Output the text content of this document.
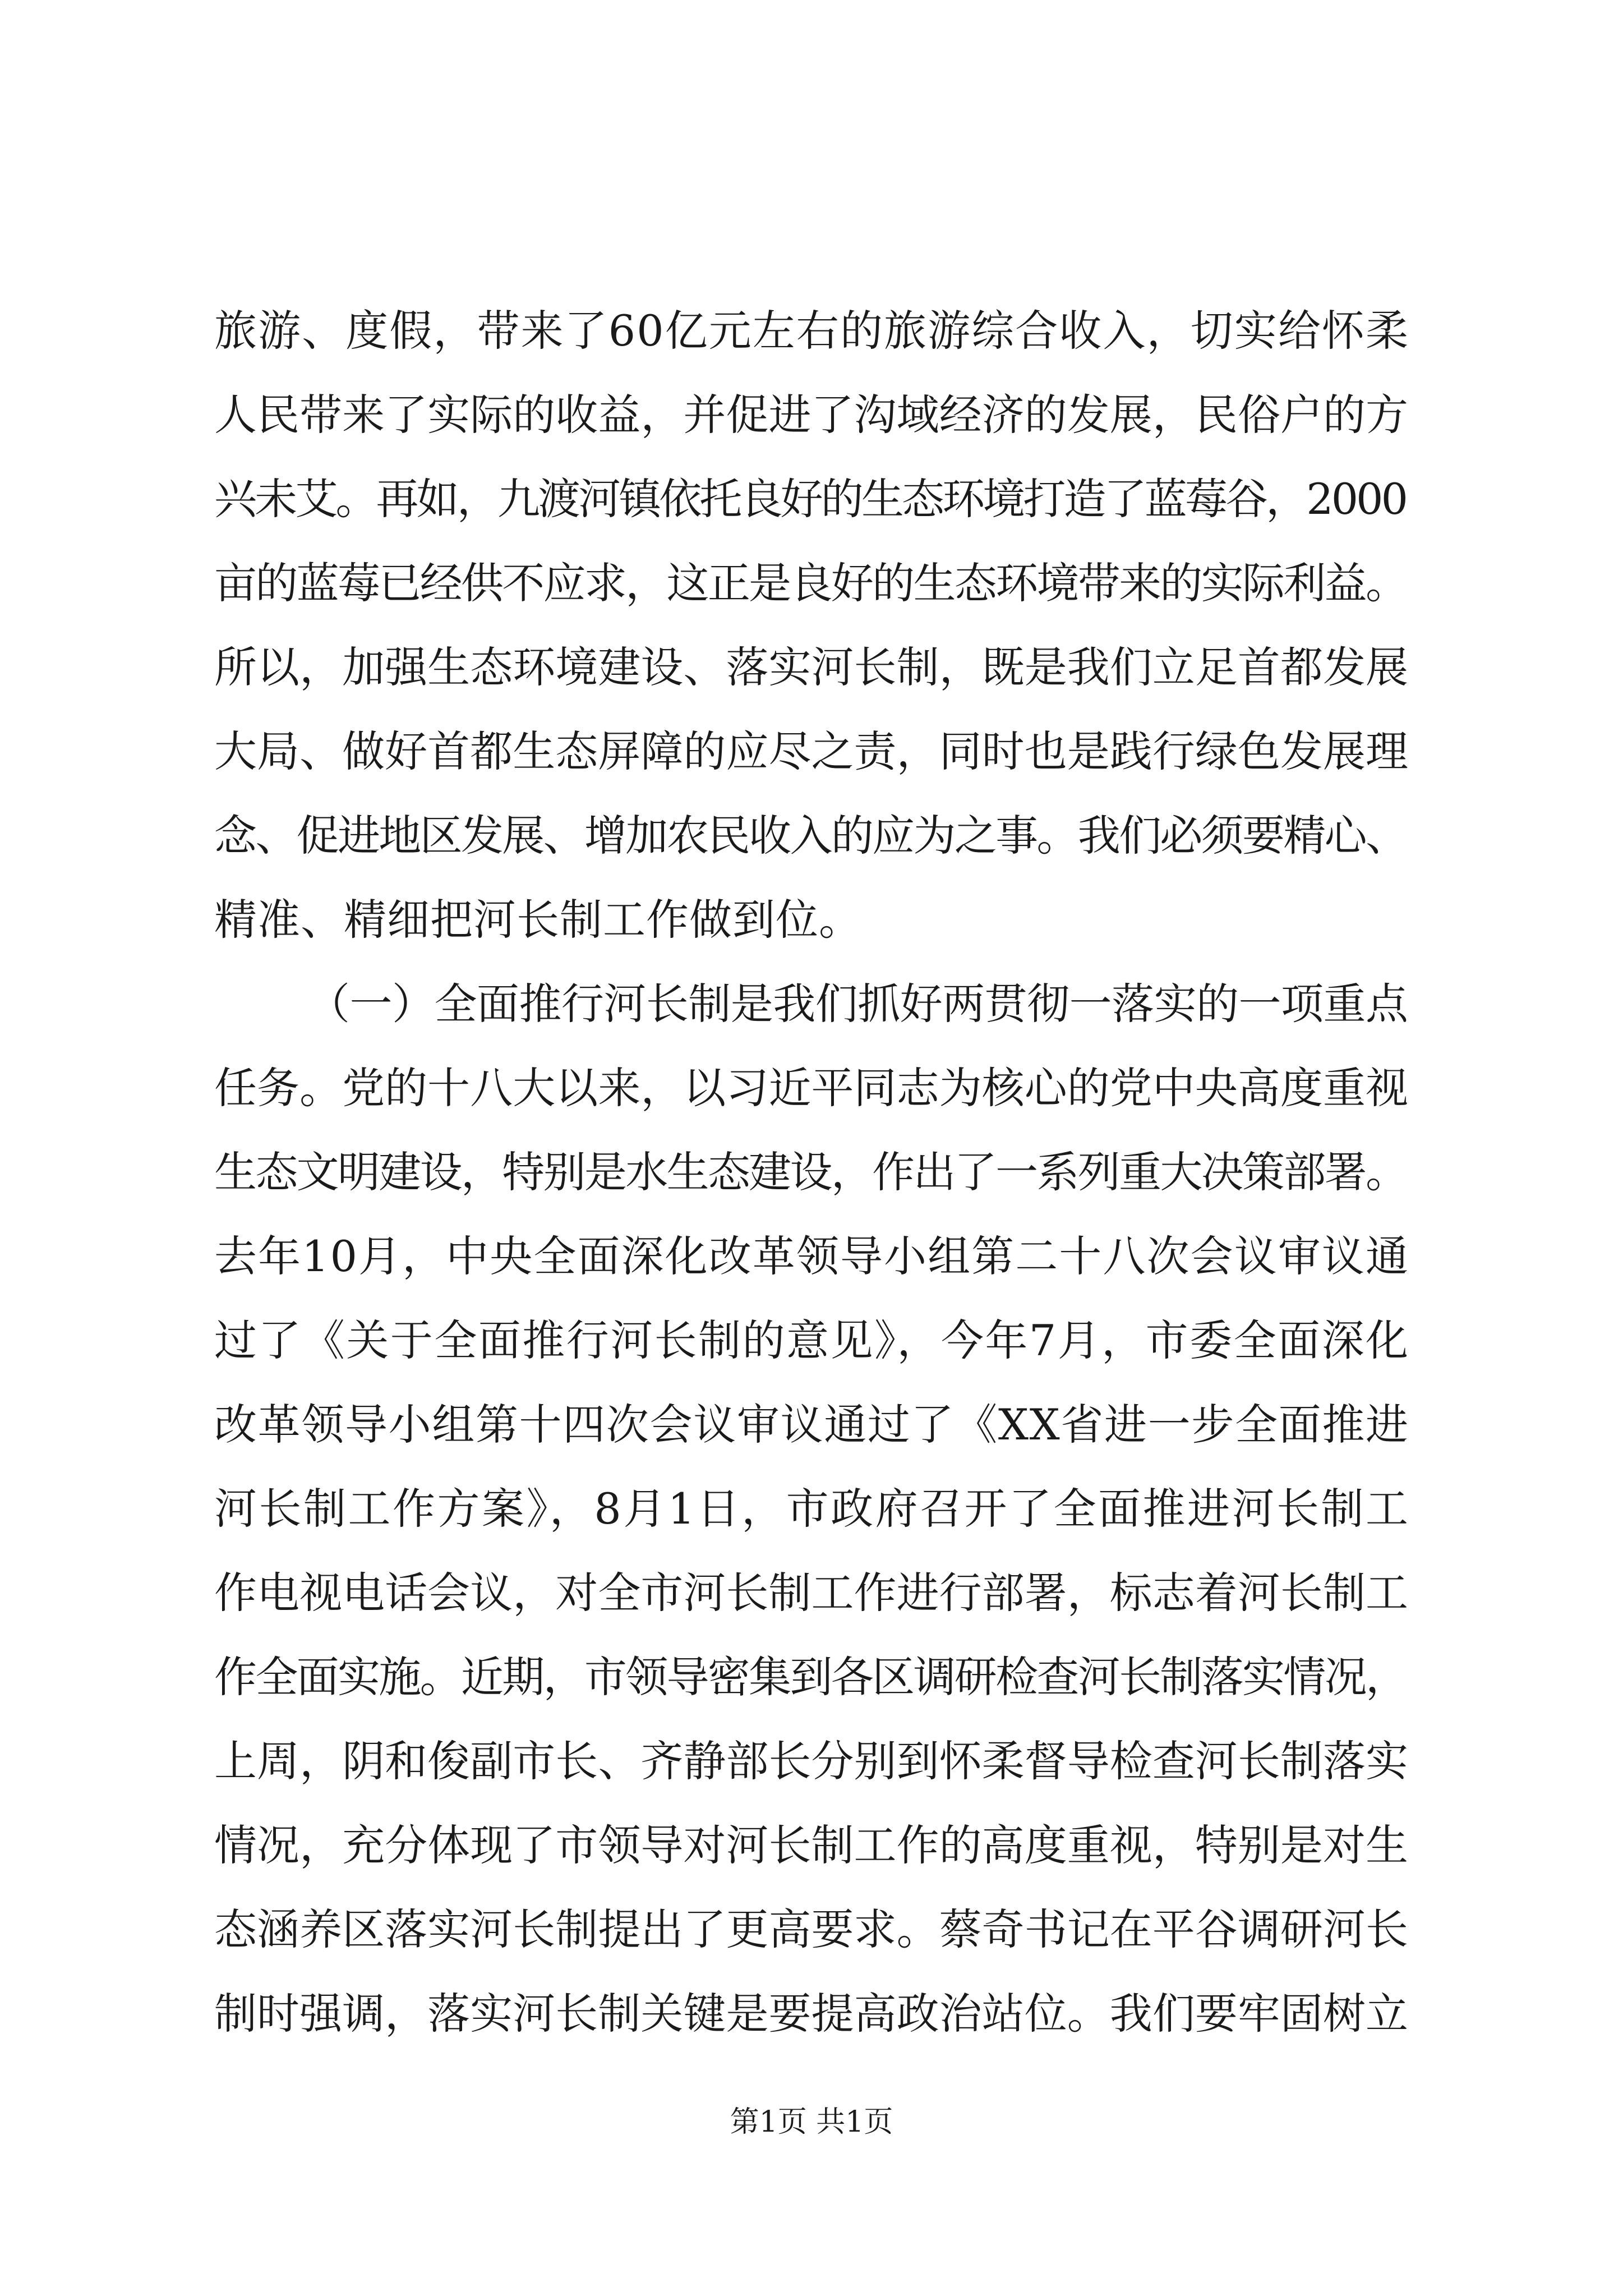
旅游、度假，带来了60亿元左右的旅游综合收入，切实给怀柔
人民带来了实际的收益，并促进了沟域经济的发展，民俗户的方
兴未艾。再如，九渡河镇依托良好的生态环境打造了蓝莓谷，2000
亩的蓝莓已经供不应求，这正是良好的生态环境带来的实际利益。
所以，加强生态环境建设、落实河长制，既是我们立足首都发展
大局、做好首都生态屏障的应尽之责，同时也是践行绿色发展理
念、促进地区发展、增加农民收入的应为之事。我们必须要精心、
精准、精细把河长制工作做到位。
（一）全面推行河长制是我们抓好两贯彻一落实的一项重点
任务。党的十八大以来，以习近平同志为核心的党中央高度重视
生态文明建设，特别是水生态建设，作出了一系列重大决策部署。
去年10月，中央全面深化改革领导小组第二十八次会议审议通
过了《关于全面推行河长制的意见》，今年7月，市委全面深化
改革领导小组第十四次会议审议通过了《XX省进一步全面推进
河长制工作方案》，8月1日，市政府召开了全面推进河长制工
作电视电话会议，对全市河长制工作进行部署，标志着河长制工
作全面实施。近期，市领导密集到各区调研检查河长制落实情况，
上周，阴和俊副市长、齐静部长分别到怀柔督导检查河长制落实
情况，充分体现了市领导对河长制工作的高度重视，特别是对生
态涵养区落实河长制提出了更高要求。蔡奇书记在平谷调研河长
制时强调，落实河长制关键是要提高政治站位。我们要牢固树立
第1页 共1页
